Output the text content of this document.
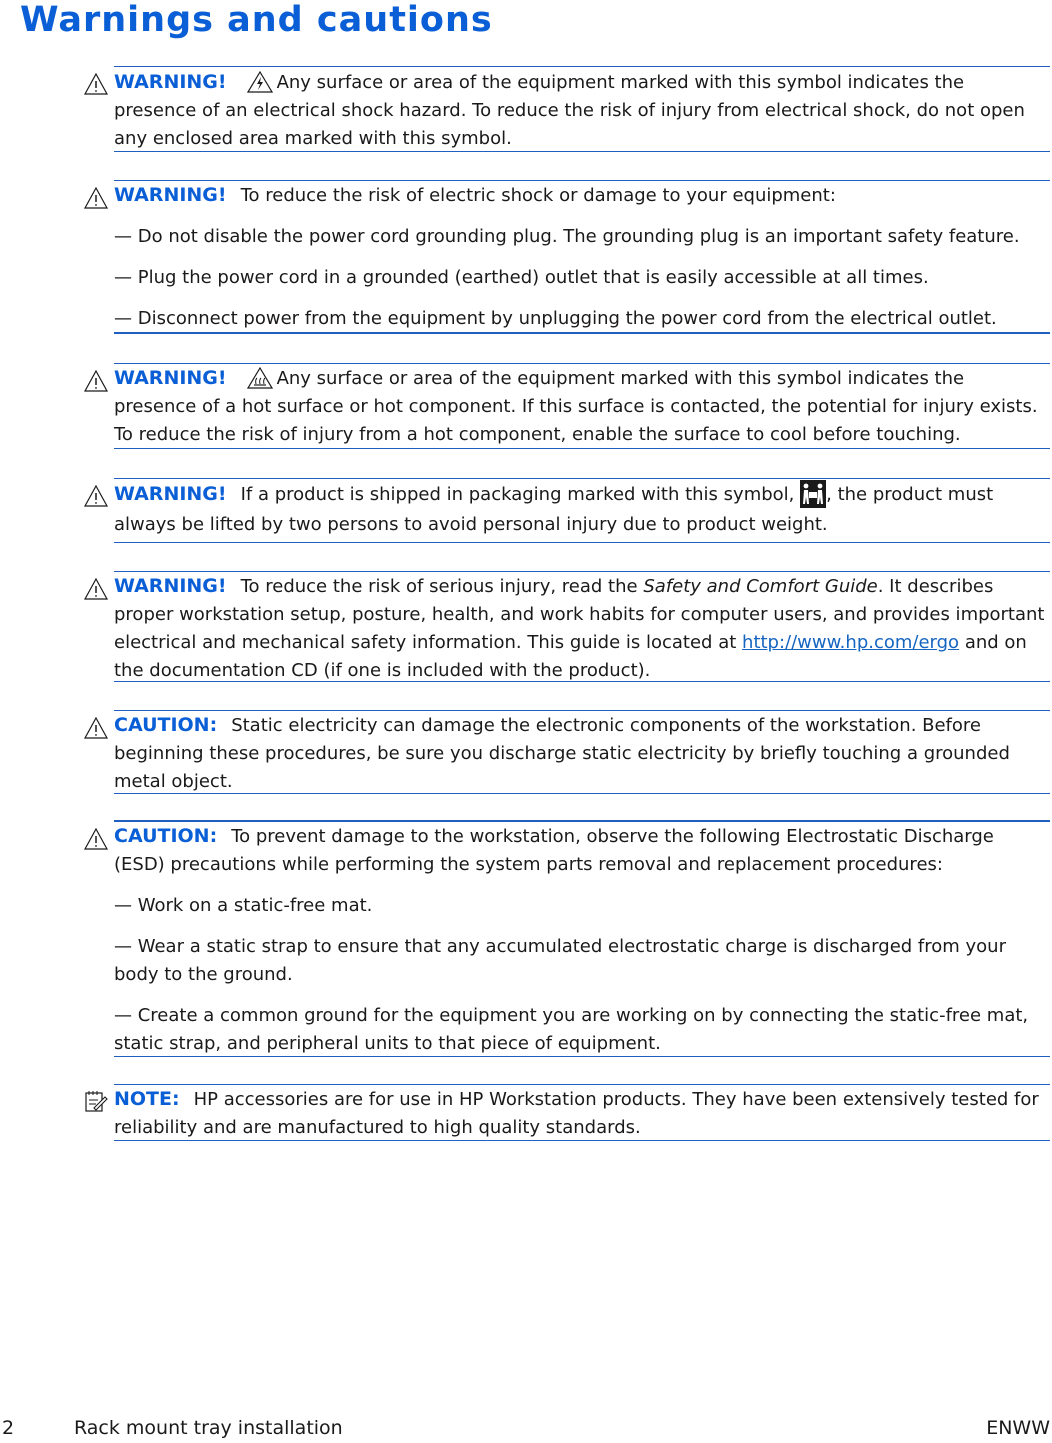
Warnings and cautions

WARNING!	Any surface or area of the equipment marked with this symbol indicates the

presence of an electrical shock hazard. To reduce the risk of injury from electrical shock, do not open

any enclosed area marked with this symbol.

WARNING! To reduce the risk of electric shock or damage to your equipment:

— Do not disable the power cord grounding plug. The grounding plug is an important safety feature.

— Plug the power cord in a grounded (earthed) outlet that is easily accessible at all times.

— Disconnect power from the equipment by unplugging the power cord from the electrical outlet.

WARNING!	Any surface or area of the equipment marked with this symbol indicates the

presence of a hot surface or hot component. If this surface is contacted, the potential for injury exists.

To reduce the risk of injury from a hot component, enable the surface to cool before touching.

WARNING! If a product is shipped in packaging marked with this symbol, , the product must

always be lifted by two persons to avoid personal injury due to product weight.

WARNING! To reduce the risk of serious injury, read the Safety and Comfort Guide. It describes

proper workstation setup, posture, health, and work habits for computer users, and provides important

electrical and mechanical safety information. This guide is located at http://www.hp.com/ergo and on

the documentation CD (if one is included with the product).

CAUTION: Static electricity can damage the electronic components of the workstation. Before

beginning these procedures, be sure you discharge static electricity by briefly touching a grounded

metal object.

CAUTION: To prevent damage to the workstation, observe the following Electrostatic Discharge

(ESD) precautions while performing the system parts removal and replacement procedures:

— Work on a static-free mat.

— Wear a static strap to ensure that any accumulated electrostatic charge is discharged from your

body to the ground.

— Create a common ground for the equipment you are working on by connecting the static-free mat,

static strap, and peripheral units to that piece of equipment.

NOTE: HP accessories are for use in HP Workstation products. They have been extensively tested for

reliability and are manufactured to high quality standards.

2	Rack mount tray installation	ENWW
